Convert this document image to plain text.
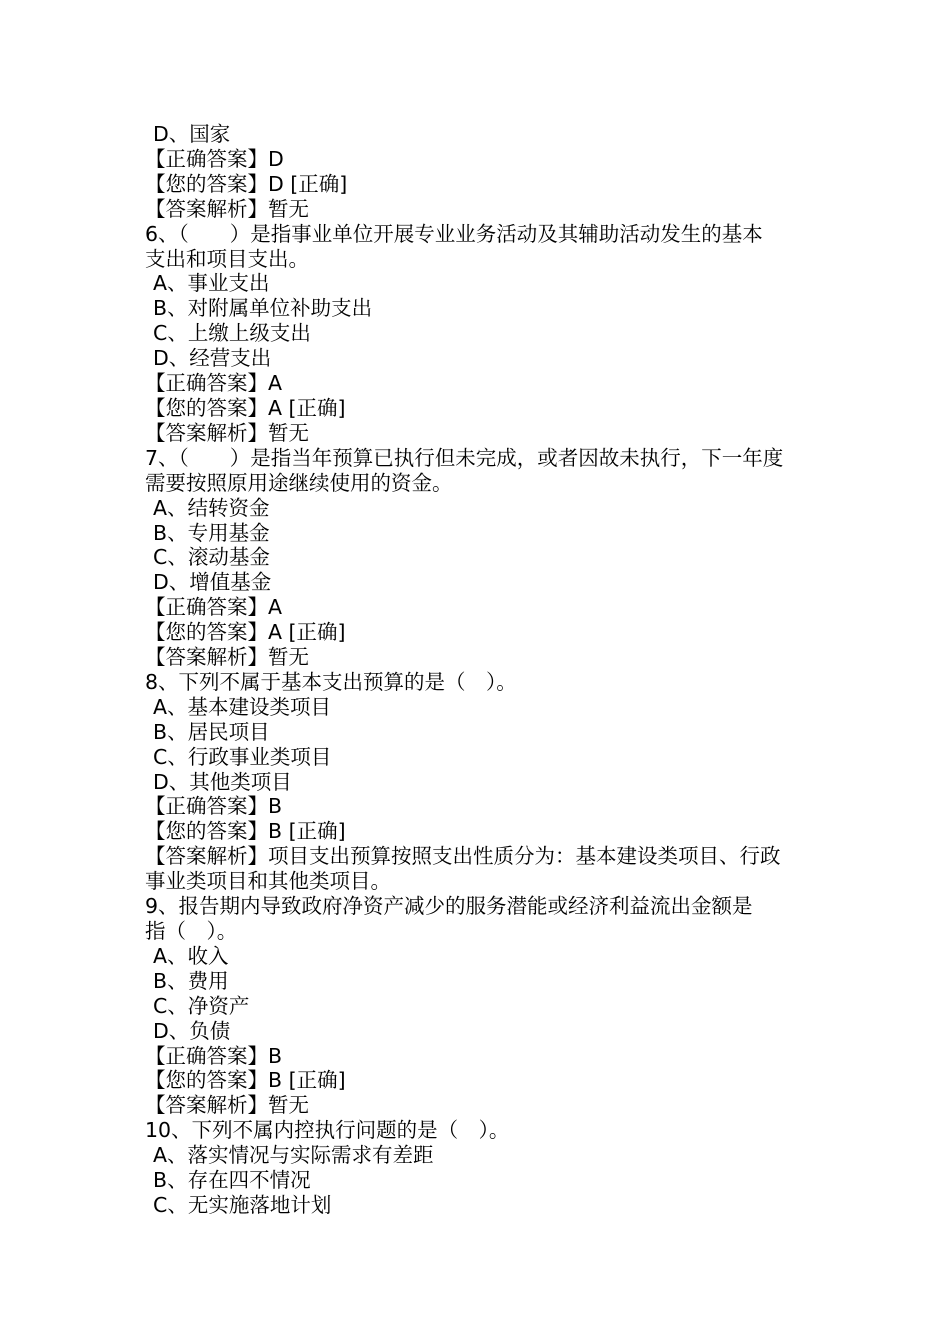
D、国家

【正确答案】D

【您的答案】D [正确]

【答案解析】暂无

6、（　　）是指事业单位开展专业业务活动及其辅助活动发生的基本

支出和项目支出。

A、事业支出

B、对附属单位补助支出

C、上缴上级支出

D、经营支出

【正确答案】A

【您的答案】A [正确]

【答案解析】暂无

7、（　　）是指当年预算已执行但未完成，或者因故未执行，下一年度

需要按照原用途继续使用的资金。

A、结转资金

B、专用基金

C、滚动基金

D、增值基金

【正确答案】A

【您的答案】A [正确]

【答案解析】暂无

8、下列不属于基本支出预算的是（　）。

A、基本建设类项目

B、居民项目

C、行政事业类项目

D、其他类项目

【正确答案】B

【您的答案】B [正确]

【答案解析】项目支出预算按照支出性质分为：基本建设类项目、行政

事业类项目和其他类项目。

9、报告期内导致政府净资产减少的服务潜能或经济利益流出金额是

指（　）。

A、收入

B、费用

C、净资产

D、负债

【正确答案】B

【您的答案】B [正确]

【答案解析】暂无

10、下列不属内控执行问题的是（　）。

A、落实情况与实际需求有差距

B、存在四不情况

C、无实施落地计划
